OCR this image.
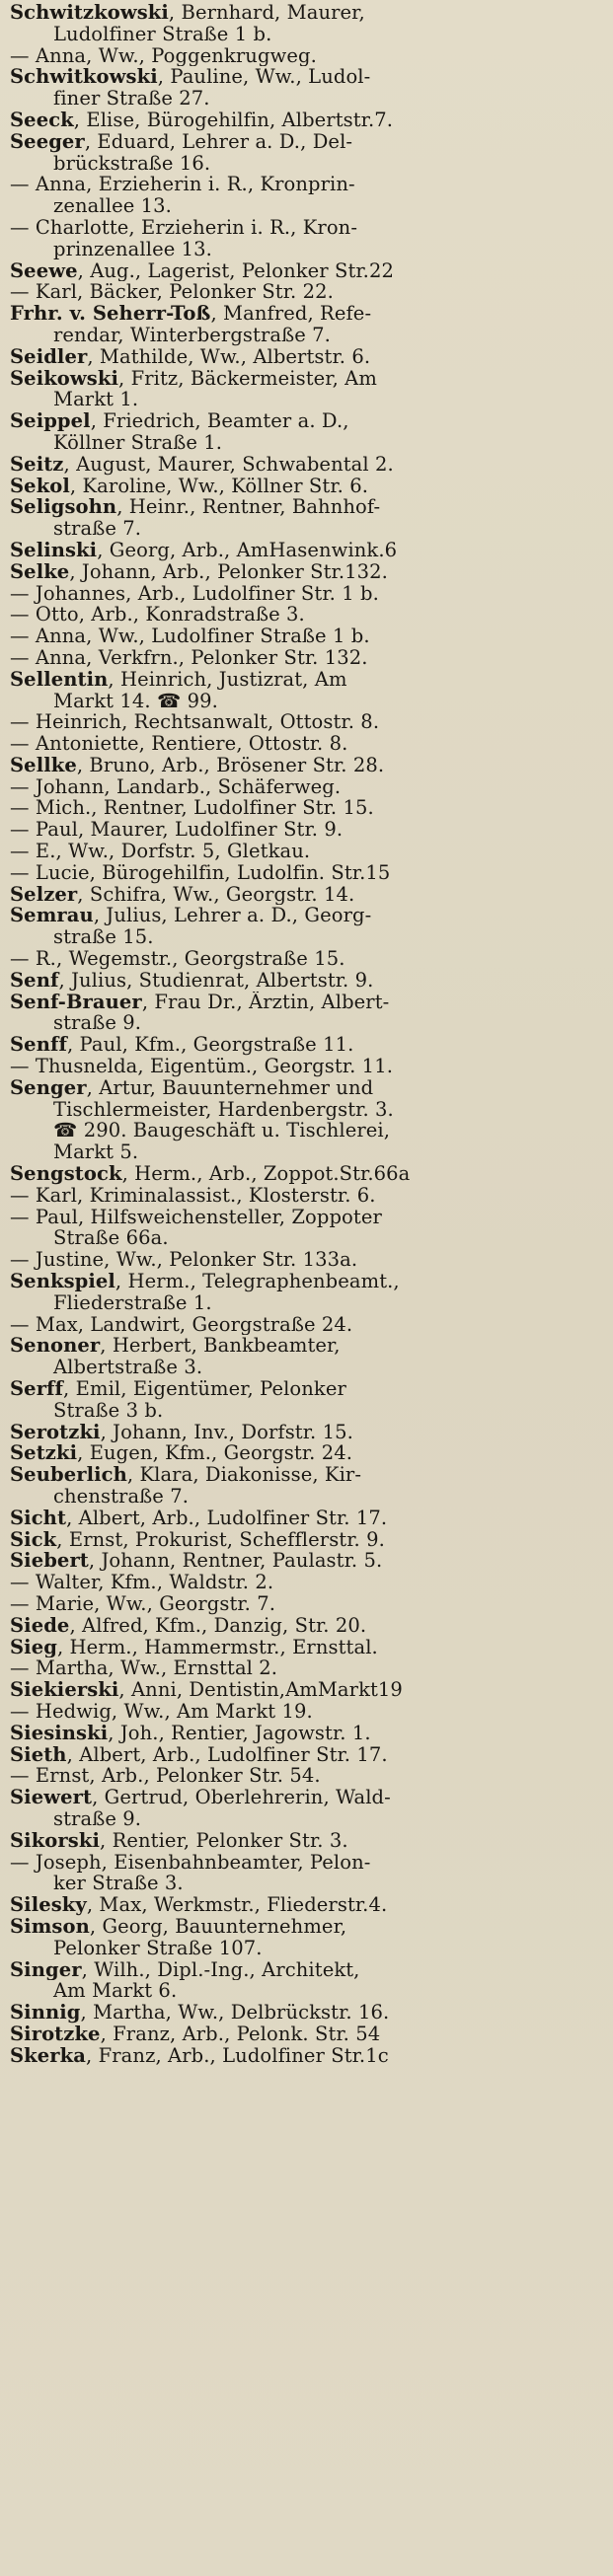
Schwitzkowski, Bernhard, Maurer,
Ludolfiner Straße 1 b.
— Anna, Ww., Poggenkrugweg.
Schwitkowski, Pauline, Ww., Ludol-
finer Straße 27.
Seeck, Elise, Bürogehilfin, Albertstr.7.
Seeger, Eduard, Lehrer a. D., Del-
brückstraße 16.
— Anna, Erzieherin i. R., Kronprin-
zenallee 13.
— Charlotte, Erzieherin i. R., Kron-
prinzenallee 13.
Seewe, Aug., Lagerist, Pelonker Str.22
— Karl, Bäcker, Pelonker Str. 22.
Frhr. v. Seherr-Toß, Manfred, Refe-
rendar, Winterbergstraße 7.
Seidler, Mathilde, Ww., Albertstr. 6.
Seikowski, Fritz, Bäckermeister, Am
Markt 1.
Seippel, Friedrich, Beamter a. D.,
Köllner Straße 1.
Seitz, August, Maurer, Schwabental 2.
Sekol, Karoline, Ww., Köllner Str. 6.
Seligsohn, Heinr., Rentner, Bahnhof-
straße 7.
Selinski, Georg, Arb., AmHasenwink.6
Selke, Johann, Arb., Pelonker Str.132.
— Johannes, Arb., Ludolfiner Str. 1 b.
— Otto, Arb., Konradstraße 3.
— Anna, Ww., Ludolfiner Straße 1 b.
— Anna, Verkfrn., Pelonker Str. 132.
Sellentin, Heinrich, Justizrat, Am
Markt 14. ☎ 99.
— Heinrich, Rechtsanwalt, Ottostr. 8.
— Antoniette, Rentiere, Ottostr. 8.
Sellke, Bruno, Arb., Brösener Str. 28.
— Johann, Landarb., Schäferweg.
— Mich., Rentner, Ludolfiner Str. 15.
— Paul, Maurer, Ludolfiner Str. 9.
— E., Ww., Dorfstr. 5, Gletkau.
— Lucie, Bürogehilfin, Ludolfin. Str.15
Selzer, Schifra, Ww., Georgstr. 14.
Semrau, Julius, Lehrer a. D., Georg-
straße 15.
— R., Wegemstr., Georgstraße 15.
Senf, Julius, Studienrat, Albertstr. 9.
Senf-Brauer, Frau Dr., Ärztin, Albert-
straße 9.
Senff, Paul, Kfm., Georgstraße 11.
— Thusnelda, Eigentüm., Georgstr. 11.
Senger, Artur, Bauunternehmer und
Tischlermeister, Hardenbergstr. 3.
☎ 290. Baugeschäft u. Tischlerei,
Markt 5.
Sengstock, Herm., Arb., Zoppot.Str.66a
— Karl, Kriminalassist., Klosterstr. 6.
— Paul, Hilfsweichensteller, Zoppoter
Straße 66a.
— Justine, Ww., Pelonker Str. 133a.
Senkspiel, Herm., Telegraphenbeamt.,
Fliederstraße 1.
— Max, Landwirt, Georgstraße 24.
Senoner, Herbert, Bankbeamter,
Albertstraße 3.
Serff, Emil, Eigentümer, Pelonker
Straße 3 b.
Serotzki, Johann, Inv., Dorfstr. 15.
Setzki, Eugen, Kfm., Georgstr. 24.
Seuberlich, Klara, Diakonisse, Kir-
chenstraße 7.
Sicht, Albert, Arb., Ludolfiner Str. 17.
Sick, Ernst, Prokurist, Schefflerstr. 9.
Siebert, Johann, Rentner, Paulastr. 5.
— Walter, Kfm., Waldstr. 2.
— Marie, Ww., Georgstr. 7.
Siede, Alfred, Kfm., Danzig, Str. 20.
Sieg, Herm., Hammermstr., Ernsttal.
— Martha, Ww., Ernsttal 2.
Siekierski, Anni, Dentistin,AmMarkt19
— Hedwig, Ww., Am Markt 19.
Siesinski, Joh., Rentier, Jagowstr. 1.
Sieth, Albert, Arb., Ludolfiner Str. 17.
— Ernst, Arb., Pelonker Str. 54.
Siewert, Gertrud, Oberlehrerin, Wald-
straße 9.
Sikorski, Rentier, Pelonker Str. 3.
— Joseph, Eisenbahnbeamter, Pelon-
ker Straße 3.
Silesky, Max, Werkmstr., Fliederstr.4.
Simson, Georg, Bauunternehmer,
Pelonker Straße 107.
Singer, Wilh., Dipl.-Ing., Architekt,
Am Markt 6.
Sinnig, Martha, Ww., Delbrückstr. 16.
Sirotzke, Franz, Arb., Pelonk. Str. 54
Skerka, Franz, Arb., Ludolfiner Str.1c
